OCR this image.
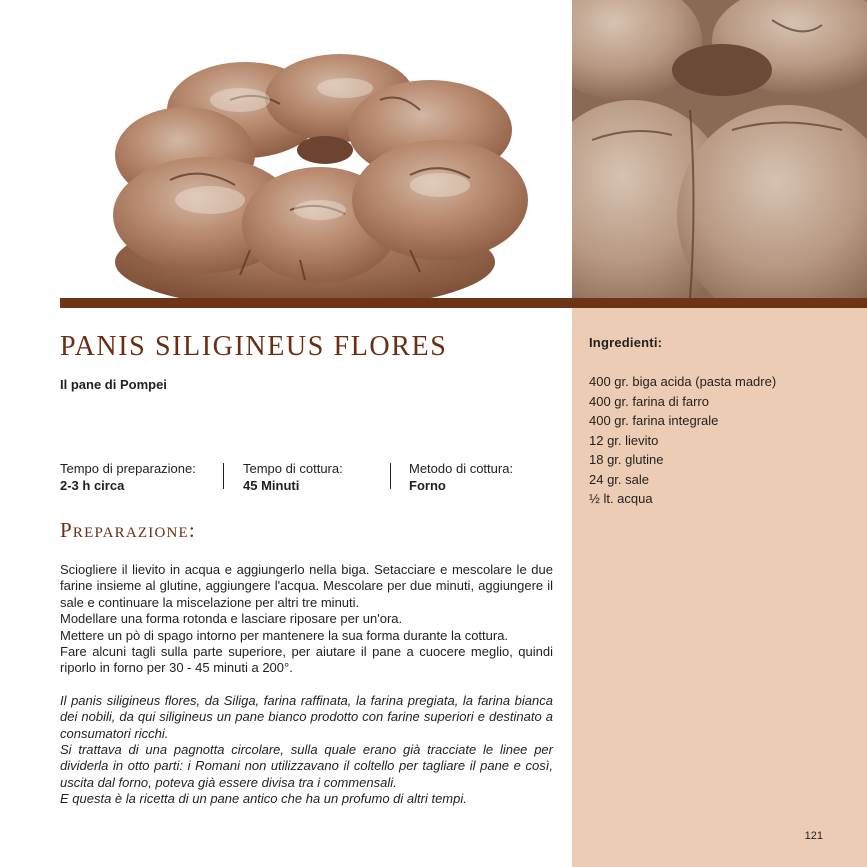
Ingredienti:
400 gr. biga acida (pasta madre)
400 gr. farina di farro
400 gr. farina integrale
12 gr. lievito
18 gr. glutine
24 gr. sale
½ lt. acqua
121
PANIS SILIGINEUS FLORES
Il pane di Pompei
Tempo di preparazione:
2-3 h circa
Tempo di cottura:
45 Minuti
Metodo di cottura:
Forno
Preparazione:

Sciogliere il lievito in acqua e aggiungerlo nella biga. Setacciare e mescolare le due farine insieme al glutine, aggiungere l'acqua. Mescolare per due minuti, aggiungere il sale e continuare la miscelazione per altri tre minuti.

Modellare una forma rotonda e lasciare riposare per un'ora.

Mettere un pò di spago intorno per mantenere la sua forma durante la cottura.

Fare alcuni tagli sulla parte superiore, per aiutare il pane a cuocere meglio, quindi riporlo in forno per 30 - 45 minuti a 200°.

Il panis siligineus flores, da Siliga, farina raffinata, la farina pregiata, la farina bianca dei nobili, da qui siligineus un pane bianco prodotto con farine superiori e destinato a consumatori ricchi.

Si trattava di una pagnotta circolare, sulla quale erano già tracciate le linee per dividerla in otto parti: i Romani non utilizzavano il coltello per tagliare il pane e così, uscita dal forno, poteva già essere divisa tra i commensali.

E questa è la ricetta di un pane antico che ha un profumo di altri tempi.
